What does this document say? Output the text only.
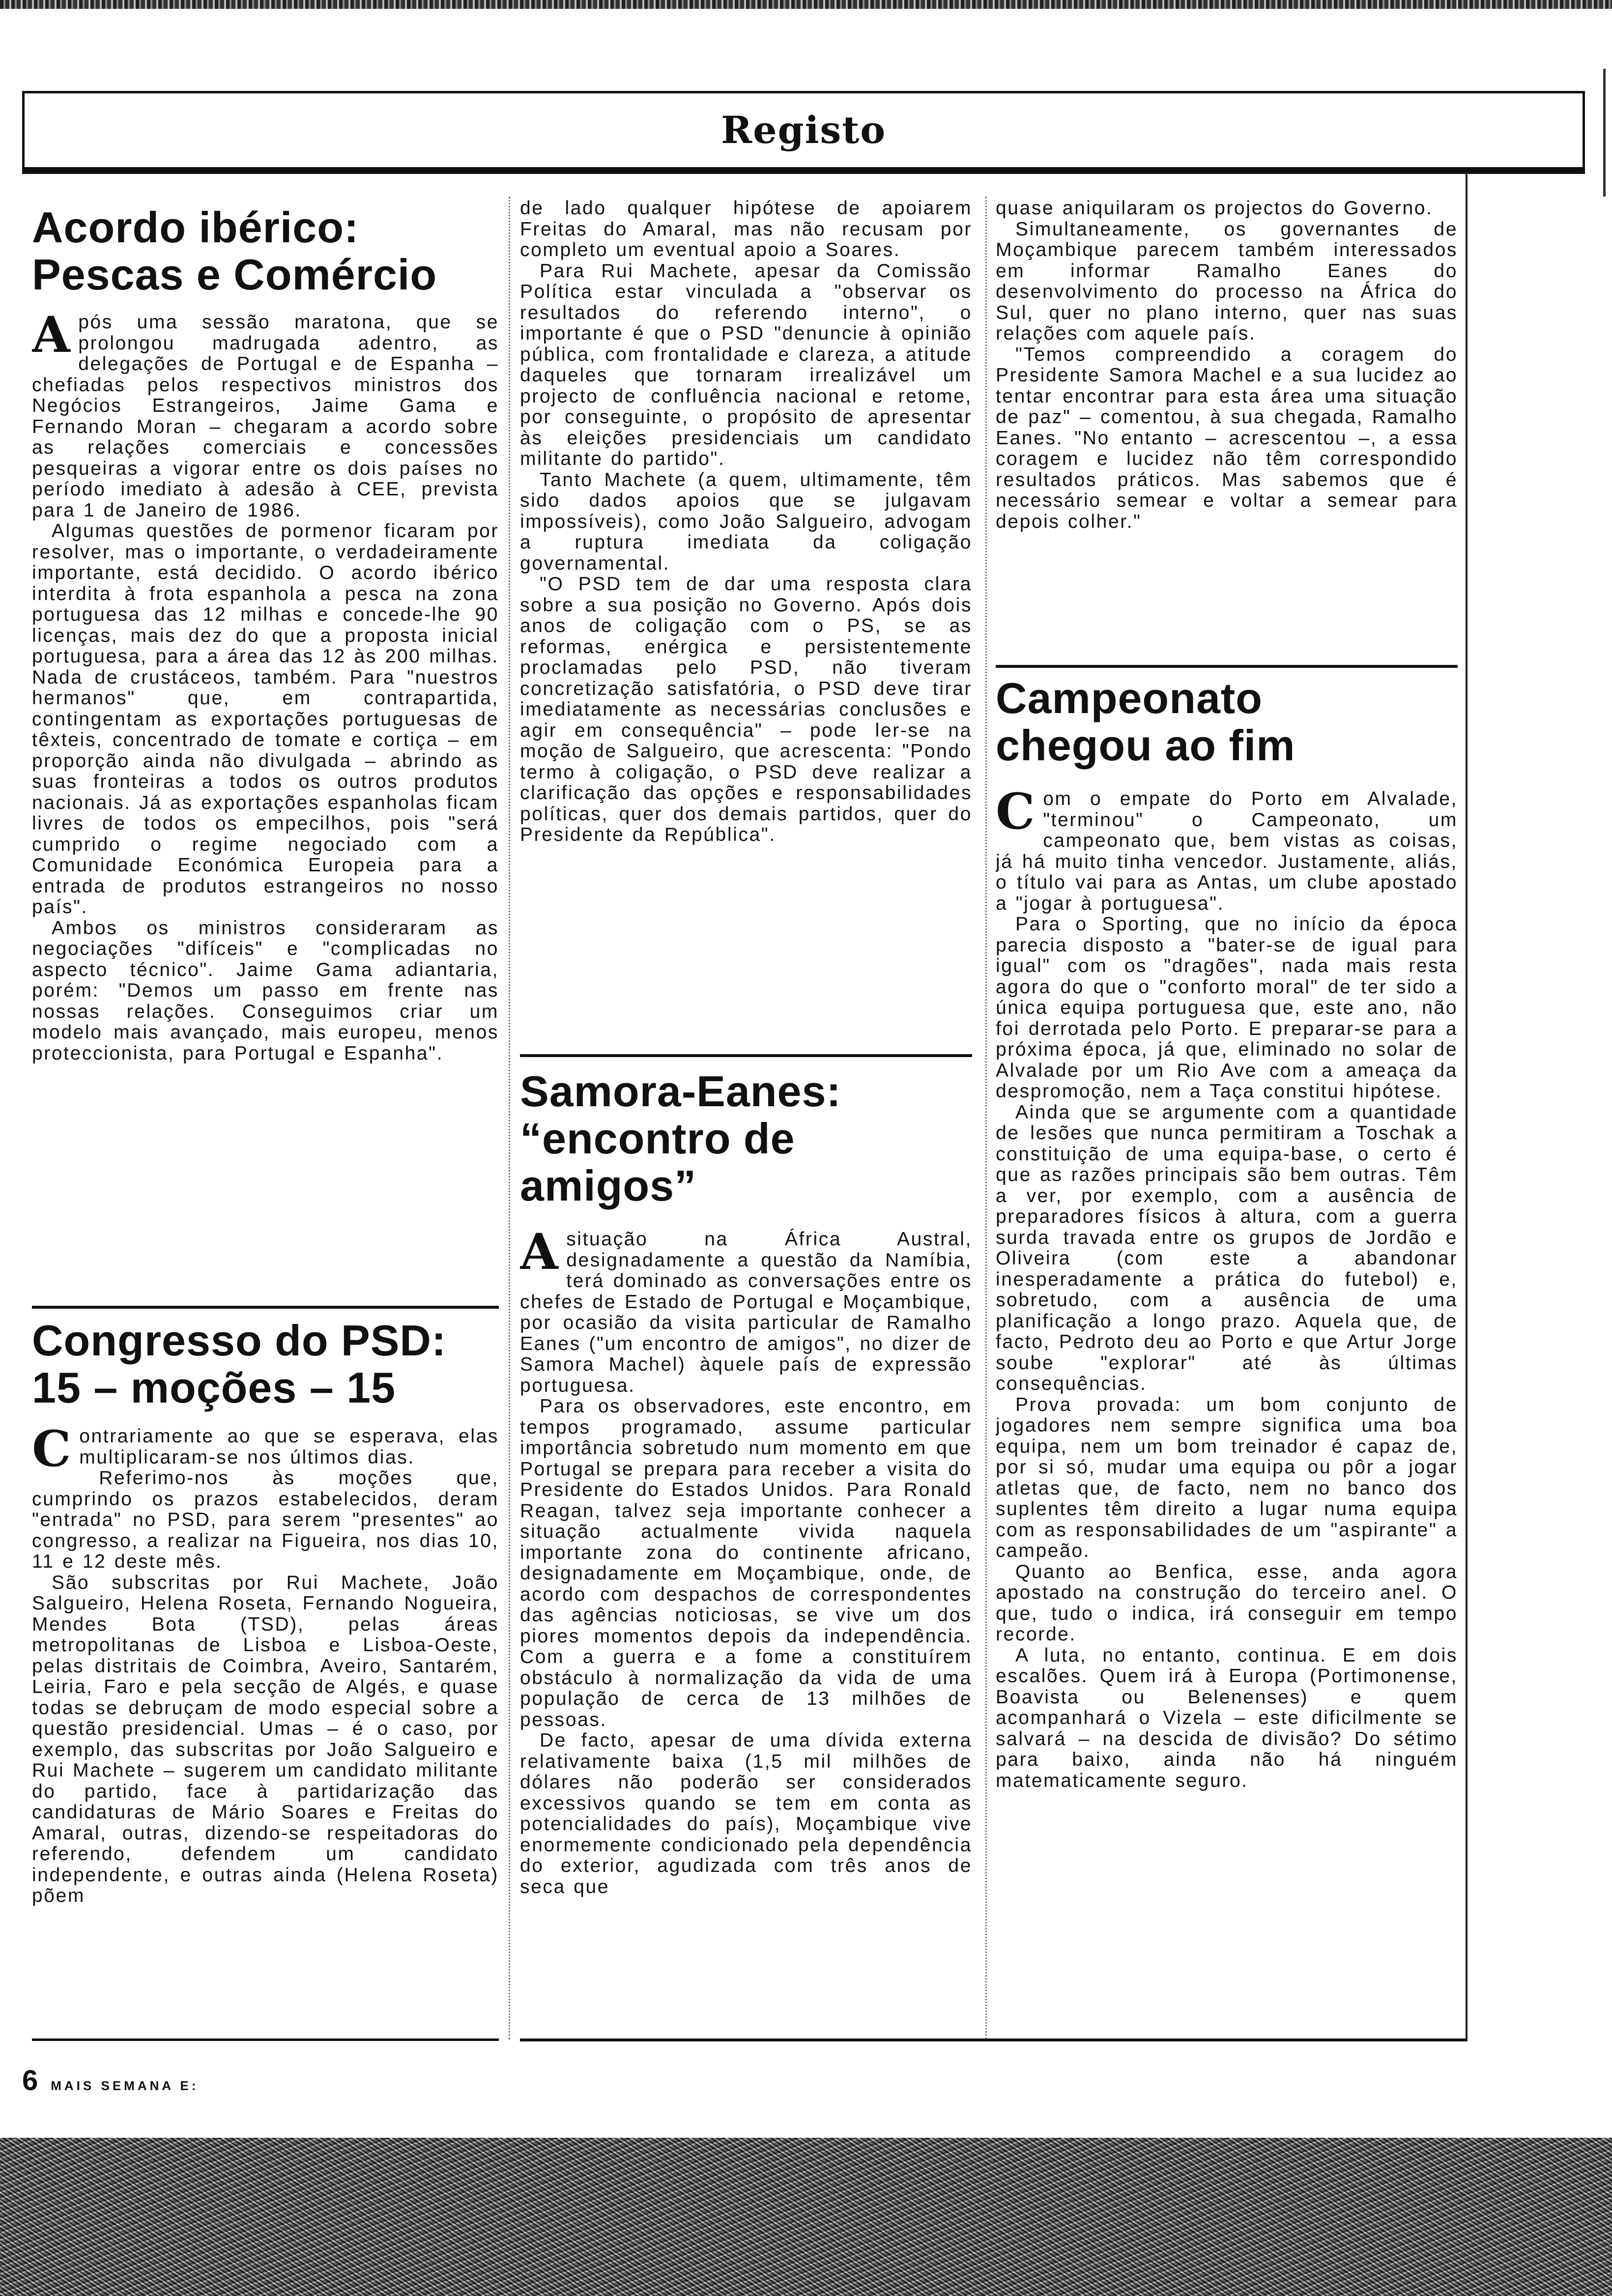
Registo
Acordo ibérico: Pescas e Comércio

Após uma sessão maratona, que se prolongou madrugada adentro, as delegações de Portugal e de Espanha – chefiadas pelos respectivos ministros dos Negócios Estrangeiros, Jaime Gama e Fernando Moran – chegaram a acordo sobre as relações comerciais e concessões pesqueiras a vigorar entre os dois países no período imediato à adesão à CEE, prevista para 1 de Janeiro de 1986.

Algumas questões de pormenor ficaram por resolver, mas o importante, o verdadeiramente importante, está decidido. O acordo ibérico interdita à frota espanhola a pesca na zona portuguesa das 12 milhas e concede-lhe 90 licenças, mais dez do que a proposta inicial portuguesa, para a área das 12 às 200 milhas. Nada de crustáceos, também. Para "nuestros hermanos" que, em contrapartida, contingentam as exportações portuguesas de têxteis, concentrado de tomate e cortiça – em proporção ainda não divulgada – abrindo as suas fronteiras a todos os outros produtos nacionais. Já as exportações espanholas ficam livres de todos os empecilhos, pois "será cumprido o regime negociado com a Comunidade Económica Europeia para a entrada de produtos estrangeiros no nosso país".

Ambos os ministros consideraram as negociações "difíceis" e "complicadas no aspecto técnico". Jaime Gama adiantaria, porém: "Demos um passo em frente nas nossas relações. Conseguimos criar um modelo mais avançado, mais europeu, menos proteccionista, para Portugal e Espanha".

Congresso do PSD: 15 – moções – 15

Contrariamente ao que se esperava, elas multiplicaram-se nos últimos dias.

Referimo-nos às moções que, cumprindo os prazos estabelecidos, deram "entrada" no PSD, para serem "presentes" ao congresso, a realizar na Figueira, nos dias 10, 11 e 12 deste mês.

São subscritas por Rui Machete, João Salgueiro, Helena Roseta, Fernando Nogueira, Mendes Bota (TSD), pelas áreas metropolitanas de Lisboa e Lisboa-Oeste, pelas distritais de Coimbra, Aveiro, Santarém, Leiria, Faro e pela secção de Algés, e quase todas se debruçam de modo especial sobre a questão presidencial. Umas – é o caso, por exemplo, das subscritas por João Salgueiro e Rui Machete – sugerem um candidato militante do partido, face à partidarização das candidaturas de Mário Soares e Freitas do Amaral, outras, dizendo-se respeitadoras do referendo, defendem um candidato independente, e outras ainda (Helena Roseta) põem

de lado qualquer hipótese de apoiarem Freitas do Amaral, mas não recusam por completo um eventual apoio a Soares.

Para Rui Machete, apesar da Comissão Política estar vinculada a "observar os resultados do referendo interno", o importante é que o PSD "denuncie à opinião pública, com frontalidade e clareza, a atitude daqueles que tornaram irrealizável um projecto de confluência nacional e retome, por conseguinte, o propósito de apresentar às eleições presidenciais um candidato militante do partido".

Tanto Machete (a quem, ultimamente, têm sido dados apoios que se julgavam impossíveis), como João Salgueiro, advogam a ruptura imediata da coligação governamental.

"O PSD tem de dar uma resposta clara sobre a sua posição no Governo. Após dois anos de coligação com o PS, se as reformas, enérgica e persistentemente proclamadas pelo PSD, não tiveram concretização satisfatória, o PSD deve tirar imediatamente as necessárias conclusões e agir em consequência" – pode ler-se na moção de Salgueiro, que acrescenta: "Pondo termo à coligação, o PSD deve realizar a clarificação das opções e responsabilidades políticas, quer dos demais partidos, quer do Presidente da República".

Samora-Eanes: “encontro de amigos”

A situação na África Austral, designadamente a questão da Namíbia, terá dominado as conversações entre os chefes de Estado de Portugal e Moçambique, por ocasião da visita particular de Ramalho Eanes ("um encontro de amigos", no dizer de Samora Machel) àquele país de expressão portuguesa.

Para os observadores, este encontro, em tempos programado, assume particular importância sobretudo num momento em que Portugal se prepara para receber a visita do Presidente do Estados Unidos. Para Ronald Reagan, talvez seja importante conhecer a situação actualmente vivida naquela importante zona do continente africano, designadamente em Moçambique, onde, de acordo com despachos de correspondentes das agências noticiosas, se vive um dos piores momentos depois da independência. Com a guerra e a fome a constituírem obstáculo à normalização da vida de uma população de cerca de 13 milhões de pessoas.

De facto, apesar de uma dívida externa relativamente baixa (1,5 mil milhões de dólares não poderão ser considerados excessivos quando se tem em conta as potencialidades do país), Moçambique vive enormemente condicionado pela dependência do exterior, agudizada com três anos de seca que

quase aniquilaram os projectos do Governo.

Simultaneamente, os governantes de Moçambique parecem também interessados em informar Ramalho Eanes do desenvolvimento do processo na África do Sul, quer no plano interno, quer nas suas relações com aquele país.

"Temos compreendido a coragem do Presidente Samora Machel e a sua lucidez ao tentar encontrar para esta área uma situação de paz" – comentou, à sua chegada, Ramalho Eanes. "No entanto – acrescentou –, a essa coragem e lucidez não têm correspondido resultados práticos. Mas sabemos que é necessário semear e voltar a semear para depois colher."

Campeonato chegou ao fim

Com o empate do Porto em Alvalade, "terminou" o Campeonato, um campeonato que, bem vistas as coisas, já há muito tinha vencedor. Justamente, aliás, o título vai para as Antas, um clube apostado a "jogar à portuguesa".

Para o Sporting, que no início da época parecia disposto a "bater-se de igual para igual" com os "dragões", nada mais resta agora do que o "conforto moral" de ter sido a única equipa portuguesa que, este ano, não foi derrotada pelo Porto. E preparar-se para a próxima época, já que, eliminado no solar de Alvalade por um Rio Ave com a ameaça da despromoção, nem a Taça constitui hipótese.

Ainda que se argumente com a quantidade de lesões que nunca permitiram a Toschak a constituição de uma equipa-base, o certo é que as razões principais são bem outras. Têm a ver, por exemplo, com a ausência de preparadores físicos à altura, com a guerra surda travada entre os grupos de Jordão e Oliveira (com este a abandonar inesperadamente a prática do futebol) e, sobretudo, com a ausência de uma planificação a longo prazo. Aquela que, de facto, Pedroto deu ao Porto e que Artur Jorge soube "explorar" até às últimas consequências.

Prova provada: um bom conjunto de jogadores nem sempre significa uma boa equipa, nem um bom treinador é capaz de, por si só, mudar uma equipa ou pôr a jogar atletas que, de facto, nem no banco dos suplentes têm direito a lugar numa equipa com as responsabilidades de um "aspirante" a campeão.

Quanto ao Benfica, esse, anda agora apostado na construção do terceiro anel. O que, tudo o indica, irá conseguir em tempo recorde.

A luta, no entanto, continua. E em dois escalões. Quem irá à Europa (Portimonense, Boavista ou Belenenses) e quem acompanhará o Vizela – este dificilmente se salvará – na descida de divisão? Do sétimo para baixo, ainda não há ninguém matematicamente seguro.

6 MAIS SEMANA E:
